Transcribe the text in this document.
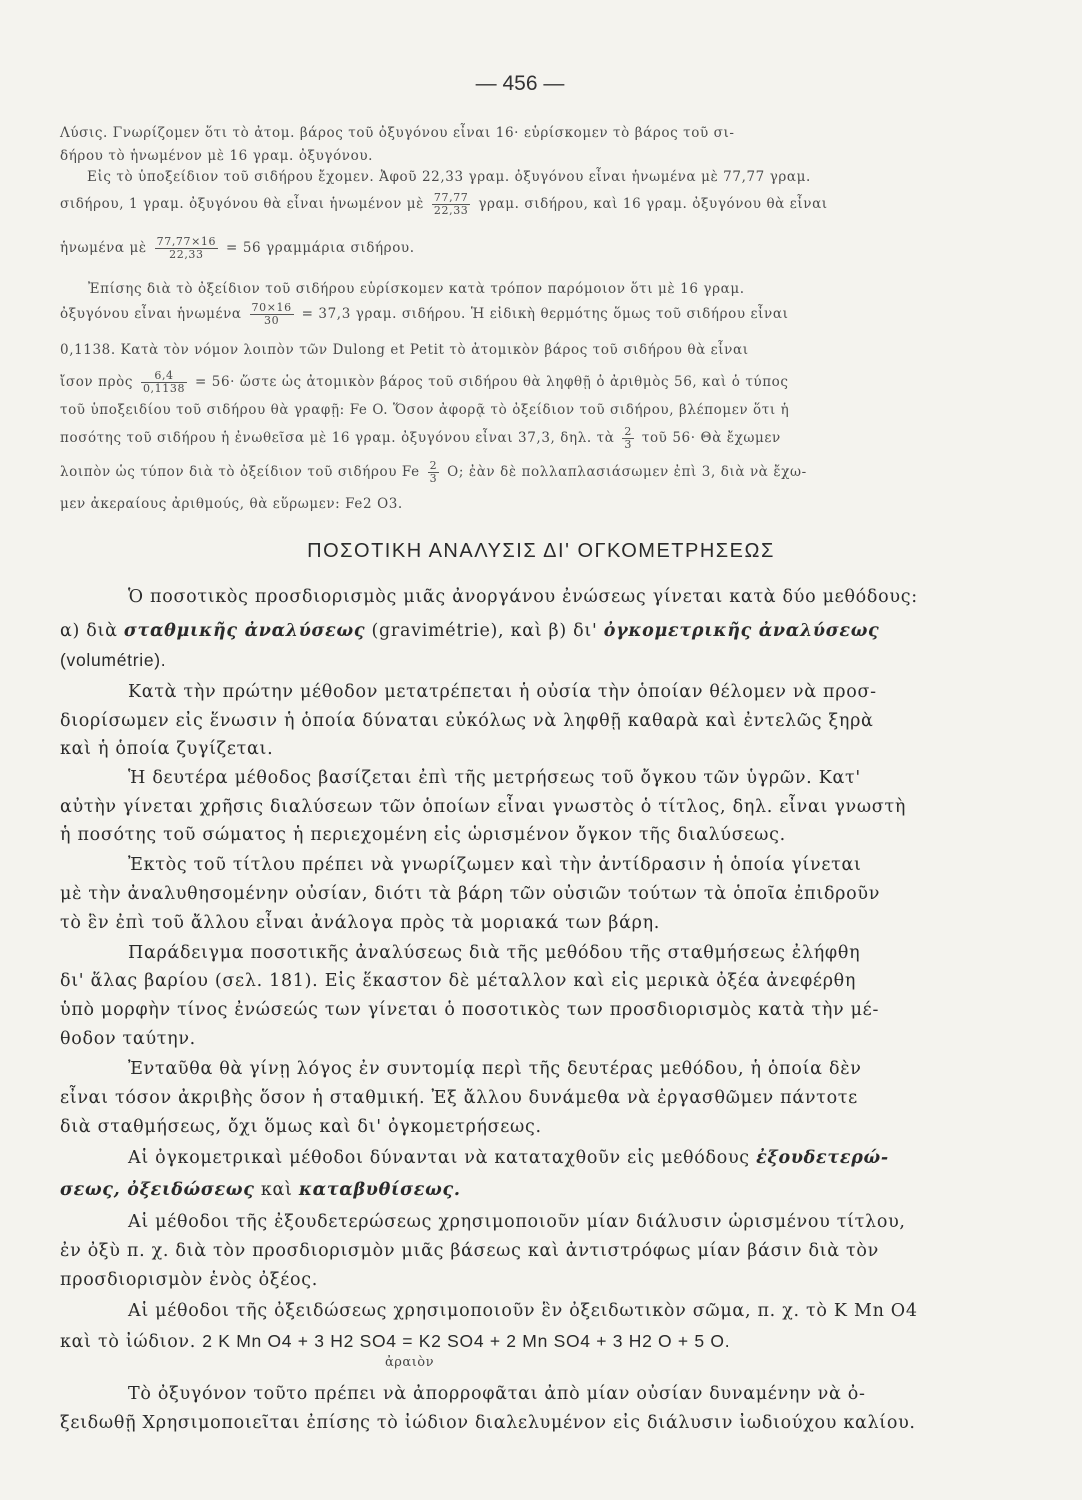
— 456 —
Λύσις. Γνωρίζομεν ὅτι τὸ ἀτομ. βάρος τοῦ ὀξυγόνου εἶναι 16· εὑρίσκομεν τὸ βάρος τοῦ σι-
δήρου τὸ ἡνωμένον μὲ 16 γραμ. ὀξυγόνου.
Εἰς τὸ ὑποξείδιον τοῦ σιδήρου ἔχομεν. Ἀφοῦ 22,33 γραμ. ὀξυγόνου εἶναι ἡνωμένα μὲ 77,77 γραμ.
σιδήρου, 1 γραμ. ὀξυγόνου θὰ εἶναι ἡνωμένον μὲ $\frac{77,77}{22,33} \gamma\rho\alpha\mu$. σιδήρου, καὶ 16 γραμ. ὀξυγόνου θὰ εἶναι
ἡνωμένα μὲ $\frac{77,77\times 16}{22,33} = 56$ γραμμάρια σιδήρου.
Ἐπίσης διὰ τὸ ὀξείδιον τοῦ σιδήρου εὑρίσκομεν κατὰ τρόπον παρόμοιον ὅτι μὲ 16 γραμ.
ὀξυγόνου εἶναι ἡνωμένα $\frac{70\times 16}{30} = 37,3$ γραμ. σιδήρου. Ἡ εἰδικὴ θερμότης ὅμως τοῦ σιδήρου εἶναι
0,1138. Κατὰ τὸν νόμον λοιπὸν τῶν Dulong et Petit τὸ ἀτομικὸν βάρος τοῦ σιδήρου θὰ εἶναι
ἴσον πρὸς $\frac{6,4}{0,1138} = 56\cdot$ ὥστε ὡς ἀτομικὸν βάρος τοῦ σιδήρου θὰ ληφθῇ ὁ ἀριθμὸς 56, καὶ ὁ τύπος
τοῦ ὑποξειδίου τοῦ σιδήρου θὰ γραφῇ: Fe O. Ὅσον ἀφορᾷ τὸ ὀξείδιον τοῦ σιδήρου, βλέπομεν ὅτι ἡ
ποσότης τοῦ σιδήρου ἡ ἐνωθεῖσα μὲ 16 γραμ. ὀξυγόνου εἶναι 37,3, δηλ. τὰ $\frac{2}{3}$ τοῦ 56· Θὰ ἔχωμεν
λοιπὸν ὡς τύπον διὰ τὸ ὀξείδιον τοῦ σιδήρου Fe $\frac{2}{3} O$; ἐὰν δὲ πολλαπλασιάσωμεν ἐπὶ 3, διὰ νὰ ἔχω-
μεν ἀκεραίους ἀριθμούς, θὰ εὕρωμεν: Fe2 O3.
ΠΟΣΟΤΙΚΗ ΑΝΑΛΥΣΙΣ ΔΙ' ΟΓΚΟΜΕΤΡΗΣΕΩΣ
Ὁ ποσοτικὸς προσδιορισμὸς μιᾶς ἀνοργάνου ἐνώσεως γίνεται κατὰ δύο μεθόδους:
α) διὰ σταθμικῆς ἀναλύσεως (gravimétrie), καὶ β) δι' ὀγκομετρικῆς ἀναλύσεως
(volumétrie).
Κατὰ τὴν πρώτην μέθοδον μετατρέπεται ἡ οὐσία τὴν ὁποίαν θέλομεν νὰ προσ-
διορίσωμεν εἰς ἕνωσιν ἡ ὁποία δύναται εὐκόλως νὰ ληφθῇ καθαρὰ καὶ ἐντελῶς ξηρὰ
καὶ ἡ ὁποία ζυγίζεται.
Ἡ δευτέρα μέθοδος βασίζεται ἐπὶ τῆς μετρήσεως τοῦ ὄγκου τῶν ὑγρῶν. Κατ'
αὐτὴν γίνεται χρῆσις διαλύσεων τῶν ὁποίων εἶναι γνωστὸς ὁ τίτλος, δηλ. εἶναι γνωστὴ
ἡ ποσότης τοῦ σώματος ἡ περιεχομένη εἰς ὡρισμένον ὄγκον τῆς διαλύσεως.
Ἐκτὸς τοῦ τίτλου πρέπει νὰ γνωρίζωμεν καὶ τὴν ἀντίδρασιν ἡ ὁποία γίνεται
μὲ τὴν ἀναλυθησομένην οὐσίαν, διότι τὰ βάρη τῶν οὐσιῶν τούτων τὰ ὁποῖα ἐπιδροῦν
τὸ ἓν ἐπὶ τοῦ ἄλλου εἶναι ἀνάλογα πρὸς τὰ μοριακά των βάρη.
Παράδειγμα ποσοτικῆς ἀναλύσεως διὰ τῆς μεθόδου τῆς σταθμήσεως ἐλήφθη
δι' ἅλας βαρίου (σελ. 181). Εἰς ἕκαστον δὲ μέταλλον καὶ εἰς μερικὰ ὀξέα ἀνεφέρθη
ὑπὸ μορφὴν τίνος ἐνώσεώς των γίνεται ὁ ποσοτικὸς των προσδιορισμὸς κατὰ τὴν μέ-
θοδον ταύτην.
Ἐνταῦθα θὰ γίνῃ λόγος ἐν συντομίᾳ περὶ τῆς δευτέρας μεθόδου, ἡ ὁποία δὲν
εἶναι τόσον ἀκριβὴς ὅσον ἡ σταθμική. Ἐξ ἄλλου δυνάμεθα νὰ ἐργασθῶμεν πάντοτε
διὰ σταθμήσεως, ὄχι ὅμως καὶ δι' ὀγκομετρήσεως.
Αἱ ὀγκομετρικαὶ μέθοδοι δύνανται νὰ καταταχθοῦν εἰς μεθόδους ἐξουδετερώ-
σεως, ὀξειδώσεως καὶ καταβυθίσεως.
Αἱ μέθοδοι τῆς ἐξουδετερώσεως χρησιμοποιοῦν μίαν διάλυσιν ὡρισμένου τίτλου,
ἐν ὀξὺ π. χ. διὰ τὸν προσδιορισμὸν μιᾶς βάσεως καὶ ἀντιστρόφως μίαν βάσιν διὰ τὸν
προσδιορισμὸν ἑνὸς ὀξέος.
Αἱ μέθοδοι τῆς ὀξειδώσεως χρησιμοποιοῦν ἓν ὀξειδωτικὸν σῶμα, π. χ. τὸ K Mn O4
καὶ τὸ ἰώδιον. 2 K Mn O4 + 3 H2 SO4 = K2 SO4 + 2 Mn SO4 + 3 H2 O + 5 O.
ἀραιὸν
Τὸ ὀξυγόνον τοῦτο πρέπει νὰ ἀπορροφᾶται ἀπὸ μίαν οὐσίαν δυναμένην νὰ ὀ-
ξειδωθῇ Χρησιμοποιεῖται ἐπίσης τὸ ἰώδιον διαλελυμένον εἰς διάλυσιν ἰωδιούχου καλίου.
